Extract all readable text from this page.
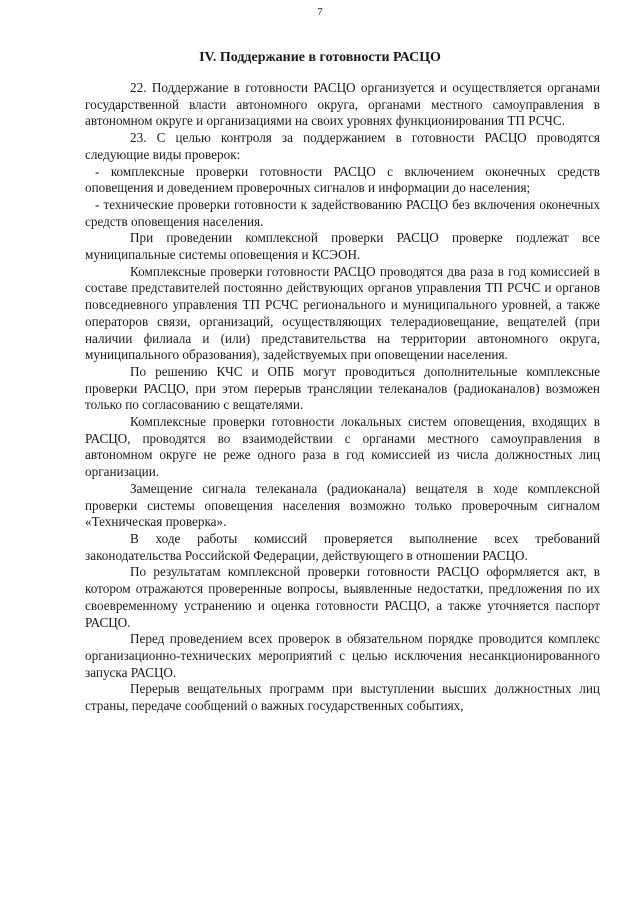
7
IV. Поддержание в готовности РАСЦО

22. Поддержание в готовности РАСЦО организуется и осуществляется органами государственной власти автономного округа, органами местного самоуправления в автономном округе и организациями на своих уровнях функционирования ТП РСЧС.

23. С целью контроля за поддержанием в готовности РАСЦО проводятся следующие виды проверок:

- комплексные проверки готовности РАСЦО с включением оконечных средств оповещения и доведением проверочных сигналов и информации до населения;

- технические проверки готовности к задействованию РАСЦО без включения оконечных средств оповещения населения.

При проведении комплексной проверки РАСЦО проверке подлежат все муниципальные системы оповещения и КСЭОН.

Комплексные проверки готовности РАСЦО проводятся два раза в год комиссией в составе представителей постоянно действующих органов управления ТП РСЧС и органов повседневного управления ТП РСЧС регионального и муниципального уровней, а также операторов связи, организаций, осуществляющих телерадиовещание, вещателей (при наличии филиала и (или) представительства на территории автономного округа, муниципального образования), задействуемых при оповещении населения.

По решению КЧС и ОПБ могут проводиться дополнительные комплексные проверки РАСЦО, при этом перерыв трансляции телеканалов (радиоканалов) возможен только по согласованию с вещателями.

Комплексные проверки готовности локальных систем оповещения, входящих в РАСЦО, проводятся во взаимодействии с органами местного самоуправления в автономном округе не реже одного раза в год комиссией из числа должностных лиц организации.

Замещение сигнала телеканала (радиоканала) вещателя в ходе комплексной проверки системы оповещения населения возможно только проверочным сигналом «Техническая проверка».

В ходе работы комиссий проверяется выполнение всех требований законодательства Российской Федерации, действующего в отношении РАСЦО.

По результатам комплексной проверки готовности РАСЦО оформляется акт, в котором отражаются проверенные вопросы, выявленные недостатки, предложения по их своевременному устранению и оценка готовности РАСЦО, а также уточняется паспорт РАСЦО.

Перед проведением всех проверок в обязательном порядке проводится комплекс организационно-технических мероприятий с целью исключения несанкционированного запуска РАСЦО.

Перерыв вещательных программ при выступлении высших должностных лиц страны, передаче сообщений о важных государственных событиях,
